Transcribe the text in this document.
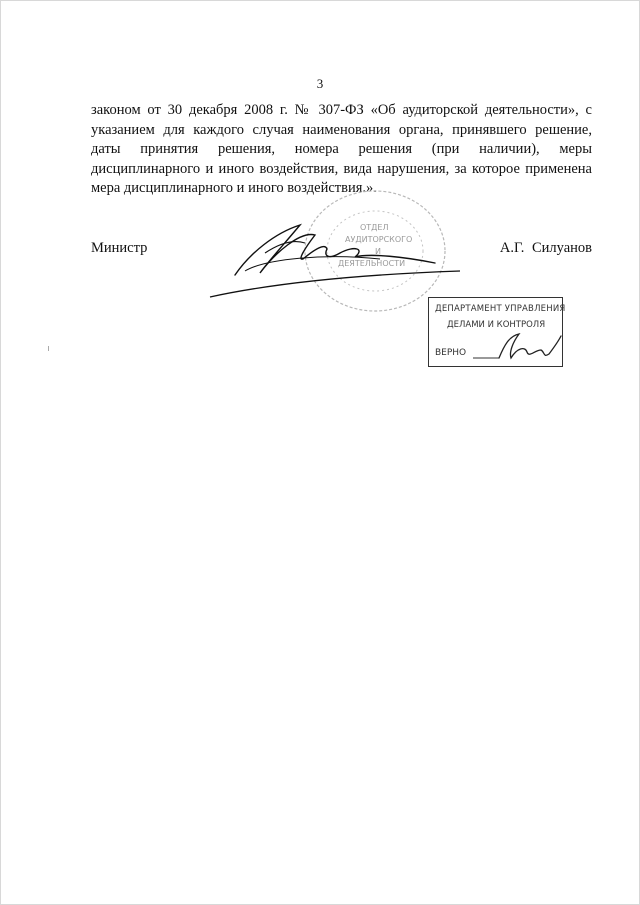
3
законом от 30 декабря 2008 г. № 307-ФЗ «Об аудиторской деятельности», с
указанием для каждого случая наименования органа, принявшего решение,
даты принятия решения, номера решения (при наличии), меры
дисциплинарного и иного воздействия, вида нарушения, за которое применена
мера дисциплинарного и иного воздействия.».
ОТДЕЛ
АУДИТОРСКОГО
И
ДЕЯТЕЛЬНОСТИ
Министр	А.Г. Силуанов
ДЕПАРТАМЕНТ УПРАВЛЕНИЯ
ДЕЛАМИ И КОНТРОЛЯ
ВЕРНО
